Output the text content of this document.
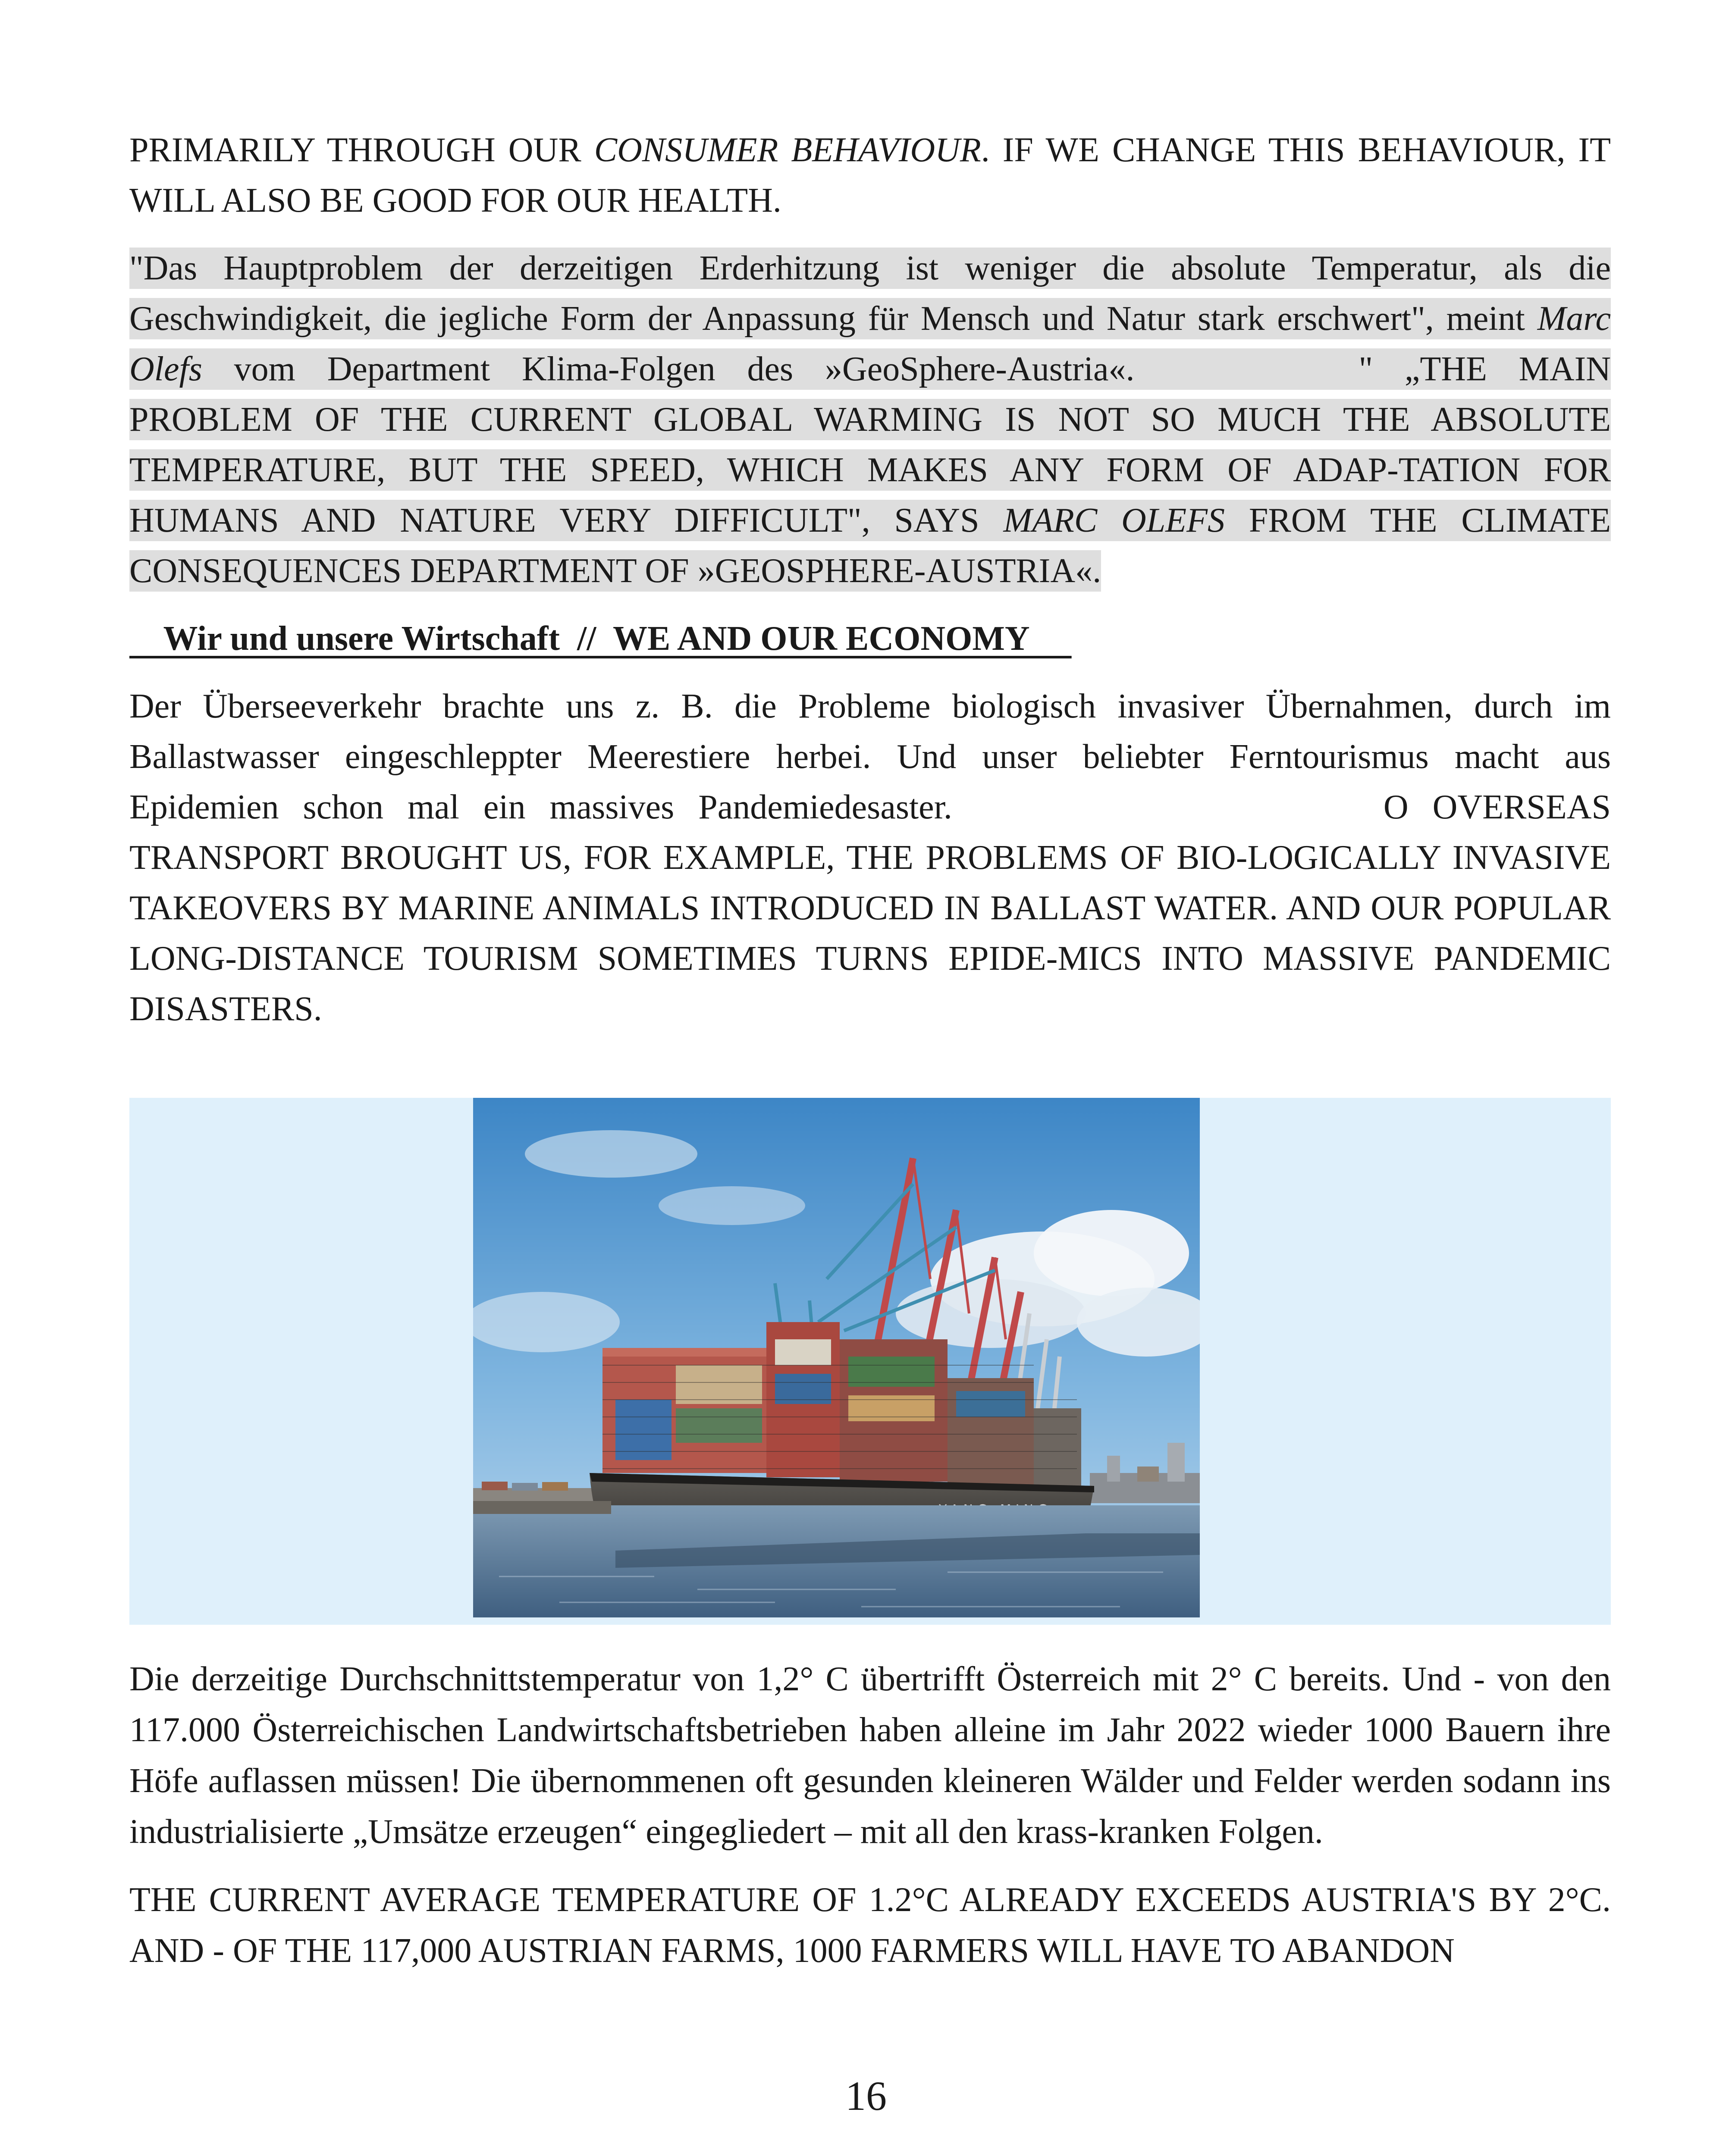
PRIMARILY THROUGH OUR CONSUMER BEHAVIOUR. IF WE CHANGE THIS BEHAVIOUR, IT WILL ALSO BE GOOD FOR OUR HEALTH.

"Das Hauptproblem der derzeitigen Erderhitzung ist weniger die absolute Temperatur, als die Geschwindigkeit, die jegliche Form der Anpassung für Mensch und Natur stark erschwert", meint Marc Olefs vom Department Klima-Folgen des »GeoSphere-Austria«.	" „THE MAIN PROBLEM OF THE CURRENT GLOBAL WARMING IS NOT SO MUCH THE ABSOLUTE TEMPERATURE, BUT THE SPEED, WHICH MAKES ANY FORM OF ADAP-TATION FOR HUMANS AND NATURE VERY DIFFICULT", SAYS MARC OLEFS FROM THE CLIMATE CONSEQUENCES DEPARTMENT OF »GEOSPHERE-AUSTRIA«.

Wir und unsere Wirtschaft  //  WE AND OUR ECONOMY

Der Überseeverkehr brachte uns z. B. die Probleme biologisch invasiver Übernahmen, durch im Ballastwasser eingeschleppter Meerestiere herbei. Und unser beliebter Ferntourismus macht aus Epidemien schon mal ein massives Pandemiedesaster.	O OVERSEAS TRANSPORT BROUGHT US, FOR EXAMPLE, THE PROBLEMS OF BIO-LOGICALLY INVASIVE TAKEOVERS BY MARINE ANIMALS INTRODUCED IN BALLAST WATER. AND OUR POPULAR LONG-DISTANCE TOURISM SOMETIMES TURNS EPIDE-MICS INTO MASSIVE PANDEMIC DISASTERS.

Die derzeitige Durchschnittstemperatur von 1,2° C übertrifft Österreich mit 2° C bereits. Und - von den 117.000 Österreichischen Landwirtschaftsbetrieben haben alleine im Jahr 2022 wieder 1000 Bauern ihre Höfe auflassen müssen! Die übernommenen oft gesunden kleineren Wälder und Felder werden sodann ins industrialisierte „Umsätze erzeugen“ eingegliedert – mit all den krass-kranken Folgen.

THE CURRENT AVERAGE TEMPERATURE OF 1.2°C ALREADY EXCEEDS AUSTRIA'S BY 2°C. AND - OF THE 117,000 AUSTRIAN FARMS, 1000 FARMERS WILL HAVE TO ABANDON

16
